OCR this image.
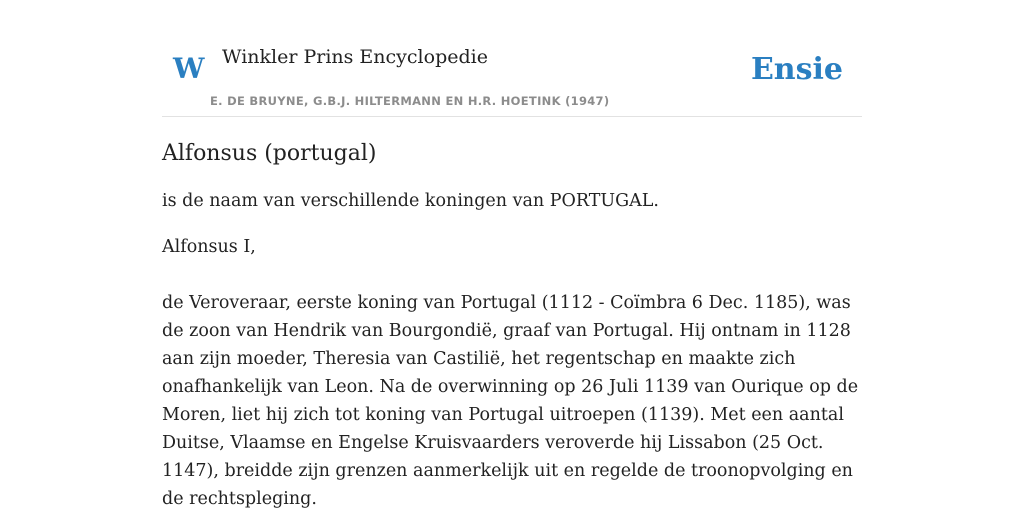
W Winkler Prins Encyclopedie
E. DE BRUYNE, G.B.J. HILTERMANN EN H.R. HOETINK (1947)
Ensie
Alfonsus (portugal)

is de naam van verschillende koningen van PORTUGAL.

Alfonsus I,

de Veroveraar, eerste koning van Portugal (1112 - Coïmbra 6 Dec. 1185), was de zoon van Hendrik van Bourgondië, graaf van Portugal. Hij ontnam in 1128 aan zijn moeder, Theresia van Castilië, het regentschap en maakte zich onafhankelijk van Leon. Na de overwinning op 26 Juli 1139 van Ourique op de Moren, liet hij zich tot koning van Portugal uitroepen (1139). Met een aantal Duitse, Vlaamse en Engelse Kruisvaarders veroverde hij Lissabon (25 Oct. 1147), breidde zijn grenzen aanmerkelijk uit en regelde de troonopvolging en de rechtspleging.
